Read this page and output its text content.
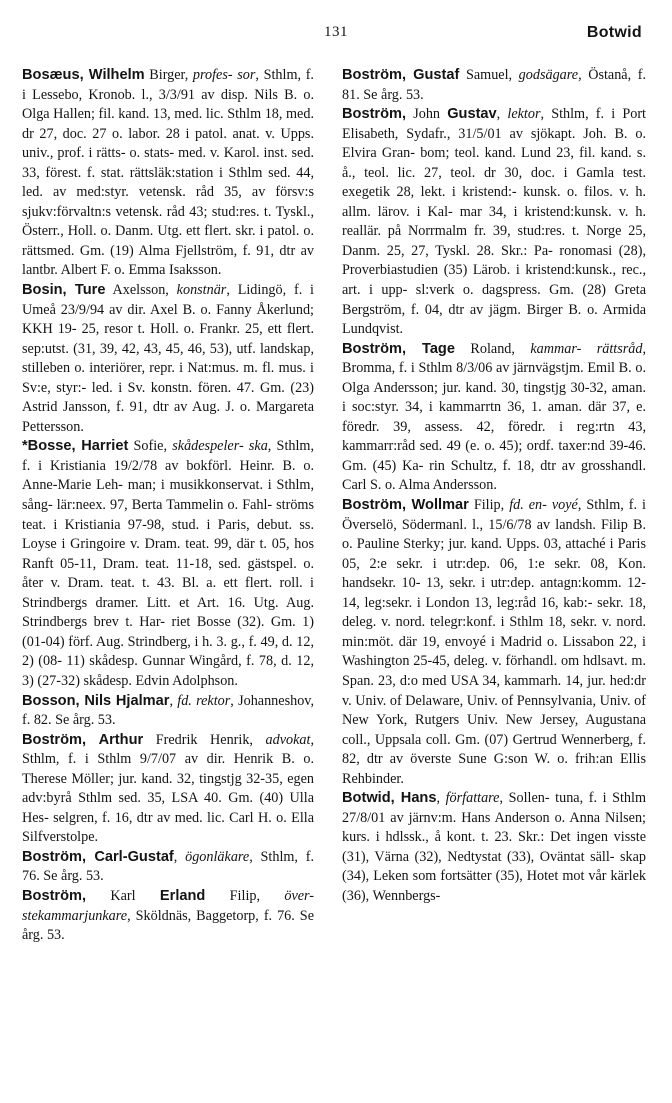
131	Botwid

Bosæus, Wilhelm Birger, profes- sor, Sthlm, f. i Lessebo, Kronob. l., 3/3/91 av disp. Nils B. o. Olga Hallen; fil. kand. 13, med. lic. Sthlm 18, med. dr 27, doc. 27 o. labor. 28 i patol. anat. v. Upps. univ., prof. i rätts- o. stats- med. v. Karol. inst. sed. 33, förest. f. stat. rättsläk:station i Sthlm sed. 44, led. av med:styr. vetensk. råd 35, av försv:s sjukv:förvaltn:s vetensk. råd 43; stud:res. t. Tyskl., Österr., Holl. o. Danm. Utg. ett flert. skr. i patol. o. rättsmed. Gm. (19) Alma Fjellström, f. 91, dtr av lantbr. Albert F. o. Emma Isaksson.

Bosin, Ture Axelsson, konstnär, Lidingö, f. i Umeå 23/9/94 av dir. Axel B. o. Fanny Åkerlund; KKH 19- 25, resor t. Holl. o. Frankr. 25, ett flert. sep:utst. (31, 39, 42, 43, 45, 46, 53), utf. landskap, stilleben o. interiörer, repr. i Nat:mus. m. fl. mus. i Sv:e, styr:- led. i Sv. konstn. fören. 47. Gm. (23) Astrid Jansson, f. 91, dtr av Aug. J. o. Margareta Pettersson.

*Bosse, Harriet Sofie, skådespeler- ska, Sthlm, f. i Kristiania 19/2/78 av bokförl. Heinr. B. o. Anne-Marie Leh- man; i musikkonservat. i Sthlm, sång- lär:neex. 97, Berta Tammelin o. Fahl- ströms teat. i Kristiania 97-98, stud. i Paris, debut. ss. Loyse i Gringoire v. Dram. teat. 99, där t. 05, hos Ranft 05-11, Dram. teat. 11-18, sed. gästspel. o. åter v. Dram. teat. t. 43. Bl. a. ett flert. roll. i Strindbergs dramer. Litt. et Art. 16. Utg. Aug. Strindbergs brev t. Har- riet Bosse (32). Gm. 1) (01-04) förf. Aug. Strindberg, i h. 3. g., f. 49, d. 12, 2) (08- 11) skådesp. Gunnar Wingård, f. 78, d. 12, 3) (27-32) skådesp. Edvin Adolphson.

Bosson, Nils Hjalmar, fd. rektor, Johanneshov, f. 82. Se årg. 53.

Boström, Arthur Fredrik Henrik, advokat, Sthlm, f. i Sthlm 9/7/07 av dir. Henrik B. o. Therese Möller; jur. kand. 32, tingstjg 32-35, egen adv:byrå Sthlm sed. 35, LSA 40. Gm. (40) Ulla Hes- selgren, f. 16, dtr av med. lic. Carl H. o. Ella Silfverstolpe.

Boström, Carl-Gustaf, ögonläkare, Sthlm, f. 76. Se årg. 53.

Boström, Karl Erland Filip, över- stekammarjunkare, Sköldnäs, Baggetorp, f. 76. Se årg. 53.

Boström, Gustaf Samuel, godsägare, Östanå, f. 81. Se årg. 53.

Boström, John Gustav, lektor, Sthlm, f. i Port Elisabeth, Sydafr., 31/5/01 av sjökapt. Joh. B. o. Elvira Gran- bom; teol. kand. Lund 23, fil. kand. s. å., teol. lic. 27, teol. dr 30, doc. i Gamla test. exegetik 28, lekt. i kristend:- kunsk. o. filos. v. h. allm. lärov. i Kal- mar 34, i kristend:kunsk. v. h. reallär. på Norrmalm fr. 39, stud:res. t. Norge 25, Danm. 25, 27, Tyskl. 28. Skr.: Pa- ronomasi (28), Proverbiastudien (35) Lärob. i kristend:kunsk., rec., art. i upp- sl:verk o. dagspress. Gm. (28) Greta Bergström, f. 04, dtr av jägm. Birger B. o. Armida Lundqvist.

Boström, Tage Roland, kammar- rättsråd, Bromma, f. i Sthlm 8/3/06 av järnvägstjm. Emil B. o. Olga Andersson; jur. kand. 30, tingstjg 30-32, aman. i soc:styr. 34, i kammarrtn 36, 1. aman. där 37, e. föredr. 39, assess. 42, föredr. i reg:rtn 43, kammarr:råd sed. 49 (e. o. 45); ordf. taxer:nd 39-46. Gm. (45) Ka- rin Schultz, f. 18, dtr av grosshandl. Carl S. o. Alma Andersson.

Boström, Wollmar Filip, fd. en- voyé, Sthlm, f. i Överselö, Södermanl. l., 15/6/78 av landsh. Filip B. o. Pauline Sterky; jur. kand. Upps. 03, attaché i Paris 05, 2:e sekr. i utr:dep. 06, 1:e sekr. 08, Kon. handsekr. 10- 13, sekr. i utr:dep. antagn:komm. 12-14, leg:sekr. i London 13, leg:råd 16, kab:- sekr. 18, deleg. v. nord. telegr:konf. i Sthlm 18, sekr. v. nord. min:möt. där 19, envoyé i Madrid o. Lissabon 22, i Washington 25-45, deleg. v. förhandl. om hdlsavt. m. Span. 23, d:o med USA 34, kammarh. 14, jur. hed:dr v. Univ. of Delaware, Univ. of Pennsylvania, Univ. of New York, Rutgers Univ. New Jersey, Augustana coll., Uppsala coll. Gm. (07) Gertrud Wennerberg, f. 82, dtr av överste Sune G:son W. o. frih:an Ellis Rehbinder.

Botwid, Hans, författare, Sollen- tuna, f. i Sthlm 27/8/01 av järnv:m. Hans Anderson o. Anna Nilsen; kurs. i hdlssk., å kont. t. 23. Skr.: Det ingen visste (31), Värna (32), Nedtystat (33), Oväntat säll- skap (34), Leken som fortsätter (35), Hotet mot vår kärlek (36), Wennbergs-
